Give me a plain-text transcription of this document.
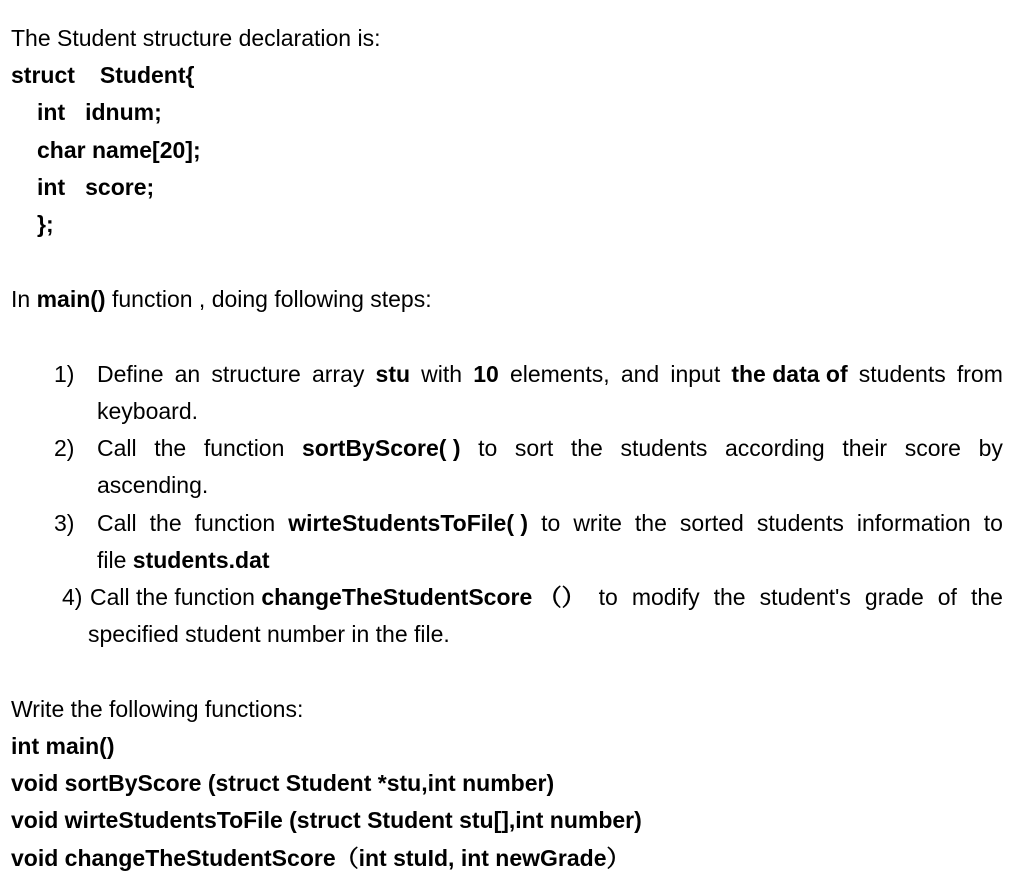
The Student structure declaration is:
struct Student{
int idnum;
char name[20];
int score;
};
In main() function , doing following steps:
1) Define an structure array stu with 10 elements, and input the data of students from
keyboard.
2) Call the function sortByScore( ) to sort the students according their score by
ascending.
3) Call the function wirteStudentsToFile( ) to write the sorted students information to
file students.dat
4) Call the function changeTheStudentScore （） to modify the student's grade of the
specified student number in the file.
Write the following functions:
int main()
void sortByScore (struct Student *stu,int number)
void wirteStudentsToFile (struct Student stu[],int number)
void changeTheStudentScore（int stuId, int newGrade）
